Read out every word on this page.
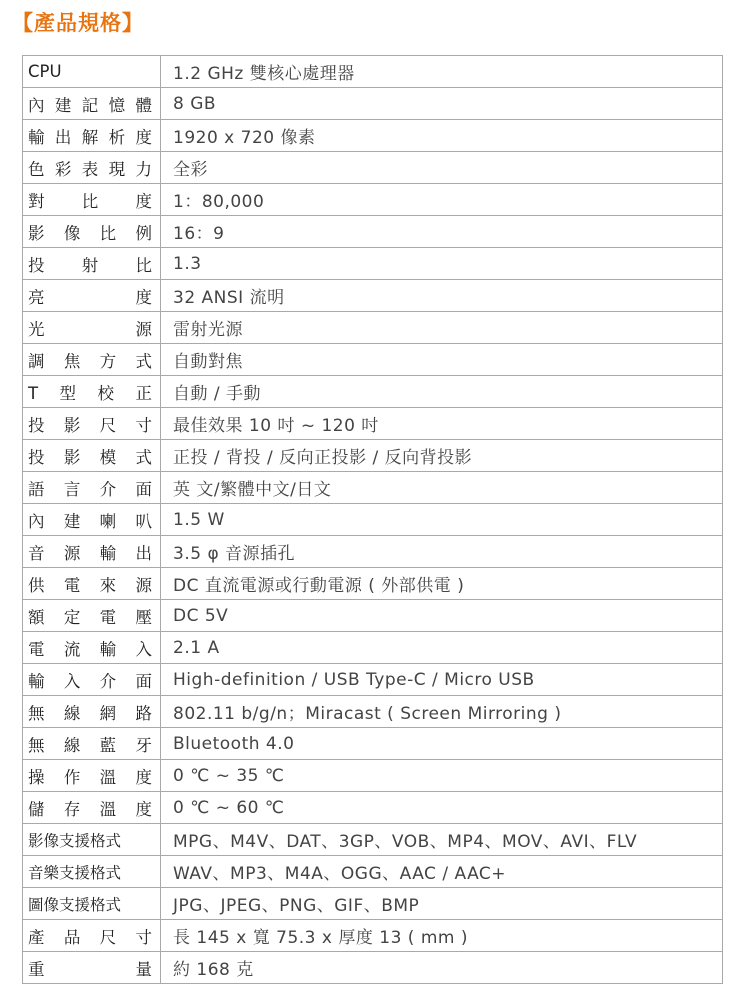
【產品規格】
CPU	1.2 GHz 雙核心處理器
內建記憶體	8 GB
輸出解析度	1920 x 720 像素
色彩表現力	全彩
對比度	1：80,000
影像比例	16：9
投射比	1.3
亮度	32 ANSI 流明
光源	雷射光源
調焦方式	自動對焦
T型校正	自動 / 手動
投影尺寸	最佳效果 10 吋 ~ 120 吋
投影模式	正投 / 背投 / 反向正投影 / 反向背投影
語言介面	英 文/繁體中文/日文
內建喇叭	1.5 W
音源輸出	3.5 φ 音源插孔
供電來源	DC 直流電源或行動電源 ( 外部供電 )
額定電壓	DC 5V
電流輸入	2.1 A
輸入介面	High-definition / USB Type-C / Micro USB
無線網路	802.11 b/g/n；Miracast ( Screen Mirroring )
無線藍牙	Bluetooth 4.0
操作溫度	0 ℃ ~ 35 ℃
儲存溫度	0 ℃ ~ 60 ℃
影像支援格式	MPG、M4V、DAT、3GP、VOB、MP4、MOV、AVI、FLV
音樂支援格式	WAV、MP3、M4A、OGG、AAC / AAC+
圖像支援格式	JPG、JPEG、PNG、GIF、BMP
產品尺寸	長 145 x 寬 75.3 x 厚度 13 ( mm )
重量	約 168 克
